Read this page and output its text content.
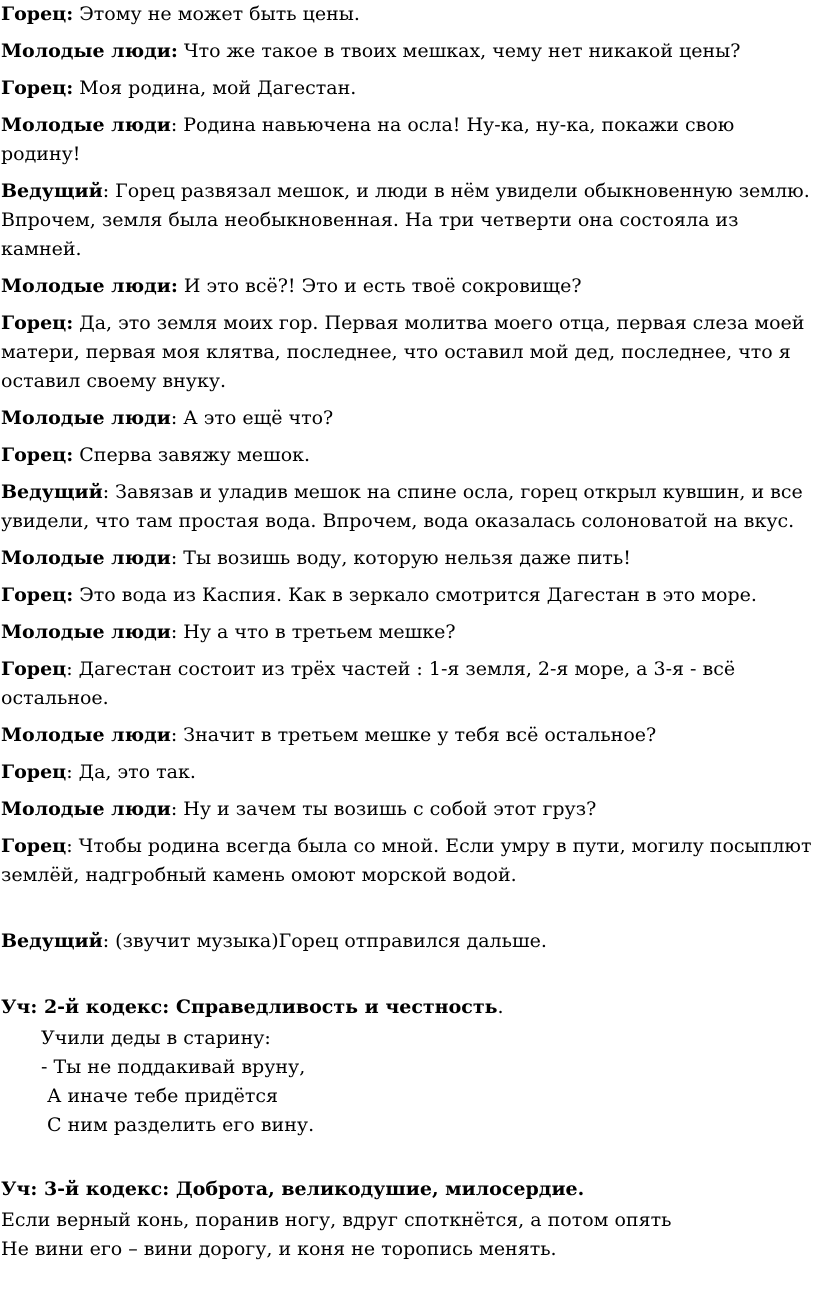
Горец: Этому не может быть цены.

Молодые люди: Что же такое в твоих мешках, чему нет никакой цены?

Горец: Моя родина, мой Дагестан.

Молодые люди: Родина навьючена на осла! Ну-ка, ну-ка, покажи свою родину!

Ведущий: Горец развязал мешок, и люди в нём увидели обыкновенную землю. Впрочем, земля была необыкновенная. На три четверти она состояла из камней.

Молодые люди: И это всё?! Это и есть твоё сокровище?

Горец: Да, это земля моих гор. Первая молитва моего отца, первая слеза моей матери, первая моя клятва, последнее, что оставил мой дед, последнее, что я оставил своему внуку.

Молодые люди: А это ещё что?

Горец: Сперва завяжу мешок.

Ведущий: Завязав и уладив мешок на спине осла, горец открыл кувшин, и все увидели, что там простая вода. Впрочем, вода оказалась солоноватой на вкус.

Молодые люди: Ты возишь воду, которую нельзя даже пить!

Горец: Это вода из Каспия. Как в зеркало смотрится Дагестан в это море.

Молодые люди: Ну а что в третьем мешке?

Горец: Дагестан состоит из трёх частей : 1-я земля, 2-я море, а 3-я - всё остальное.

Молодые люди: Значит в третьем мешке у тебя всё остальное?

Горец: Да, это так.

Молодые люди: Ну и зачем ты возишь с собой этот груз?

Горец: Чтобы родина всегда была со мной. Если умру в пути, могилу посыплют землёй, надгробный камень омоют морской водой.

Ведущий: (звучит музыка)Горец отправился дальше.

Уч: 2-й кодекс: Справедливость и честность.

Учили деды в старину:
- Ты не поддакивай вруну,
А иначе тебе придётся
С ним разделить его вину.

Уч: 3-й кодекс: Доброта, великодушие, милосердие.

Если верный конь, поранив ногу, вдруг споткнётся, а потом опять
Не вини его – вини дорогу, и коня не торопись менять.
